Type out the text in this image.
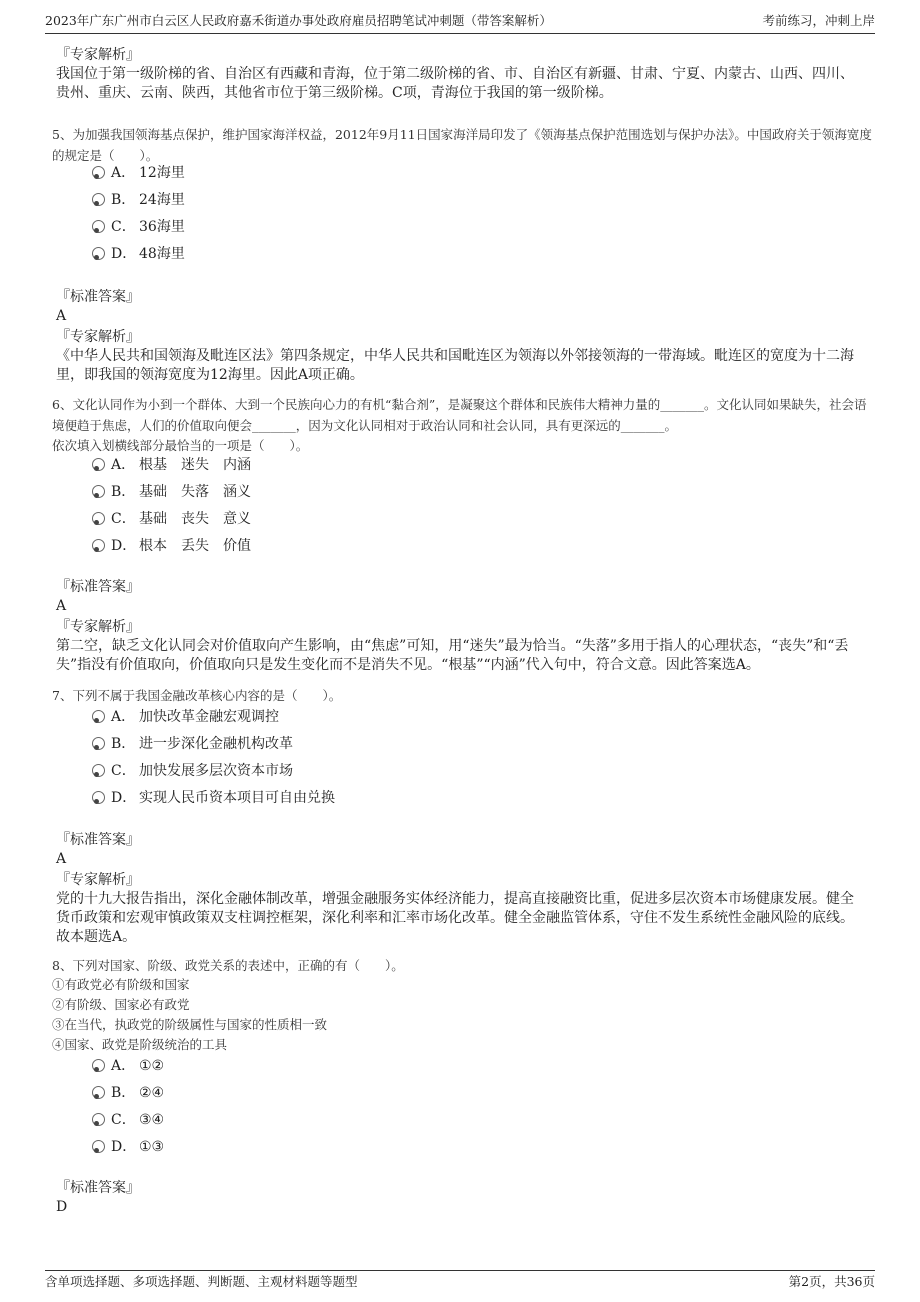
2023年广东广州市白云区人民政府嘉禾街道办事处政府雇员招聘笔试冲刺题（带答案解析）	考前练习，冲刺上岸
『专家解析』
我国位于第一级阶梯的省、自治区有西藏和青海，位于第二级阶梯的省、市、自治区有新疆、甘肃、宁夏、内蒙古、山西、四川、贵州、重庆、云南、陕西，其他省市位于第三级阶梯。C项，青海位于我国的第一级阶梯。
5、为加强我国领海基点保护，维护国家海洋权益，2012年9月11日国家海洋局印发了《领海基点保护范围选划与保护办法》。中国政府关于领海宽度的规定是（　　）。
A． 12海里
B． 24海里
C． 36海里
D． 48海里
『标准答案』
A
『专家解析』
《中华人民共和国领海及毗连区法》第四条规定，中华人民共和国毗连区为领海以外邻接领海的一带海域。毗连区的宽度为十二海里，即我国的领海宽度为12海里。因此A项正确。
6、文化认同作为小到一个群体、大到一个民族向心力的有机“黏合剂”，是凝聚这个群体和民族伟大精神力量的_______。文化认同如果缺失，社会语境便趋于焦虑，人们的价值取向便会_______，因为文化认同相对于政治认同和社会认同，具有更深远的_______。
依次填入划横线部分最恰当的一项是（　　）。
A． 根基　迷失　内涵
B． 基础　失落　涵义
C． 基础　丧失　意义
D． 根本　丢失　价值
『标准答案』
A
『专家解析』
第二空，缺乏文化认同会对价值取向产生影响，由“焦虑”可知，用“迷失”最为恰当。“失落”多用于指人的心理状态，“丧失”和“丢失”指没有价值取向，价值取向只是发生变化而不是消失不见。“根基”“内涵”代入句中，符合文意。因此答案选A。
7、下列不属于我国金融改革核心内容的是（　　）。
A． 加快改革金融宏观调控
B． 进一步深化金融机构改革
C． 加快发展多层次资本市场
D． 实现人民币资本项目可自由兑换
『标准答案』
A
『专家解析』
党的十九大报告指出，深化金融体制改革，增强金融服务实体经济能力，提高直接融资比重，促进多层次资本市场健康发展。健全货币政策和宏观审慎政策双支柱调控框架，深化利率和汇率市场化改革。健全金融监管体系，守住不发生系统性金融风险的底线。故本题选A。
8、下列对国家、阶级、政党关系的表述中，正确的有（　　）。
①有政党必有阶级和国家
②有阶级、国家必有政党
③在当代，执政党的阶级属性与国家的性质相一致
④国家、政党是阶级统治的工具
A． ①②
B． ②④
C． ③④
D． ①③
『标准答案』
D
含单项选择题、多项选择题、判断题、主观材料题等题型	第2页，共36页
